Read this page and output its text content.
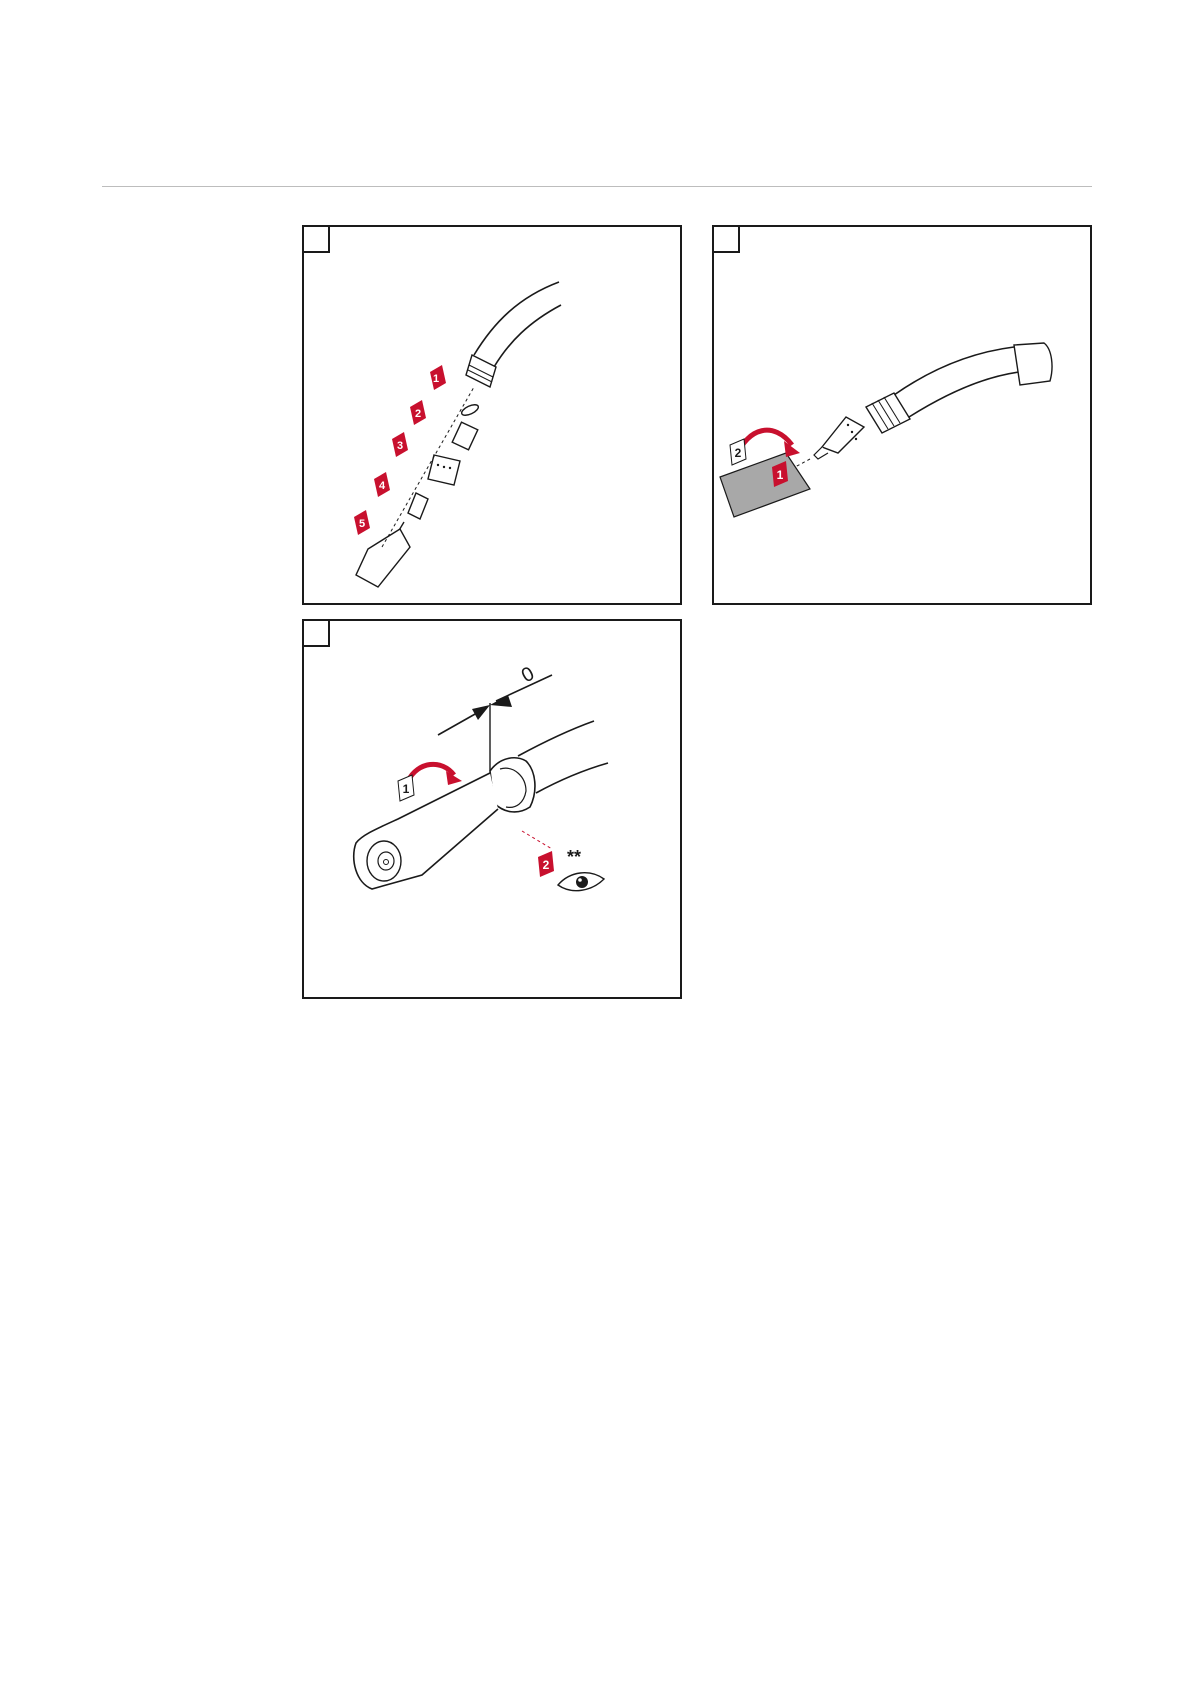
1
2
3
4
5
2
1
0
1
2 **
